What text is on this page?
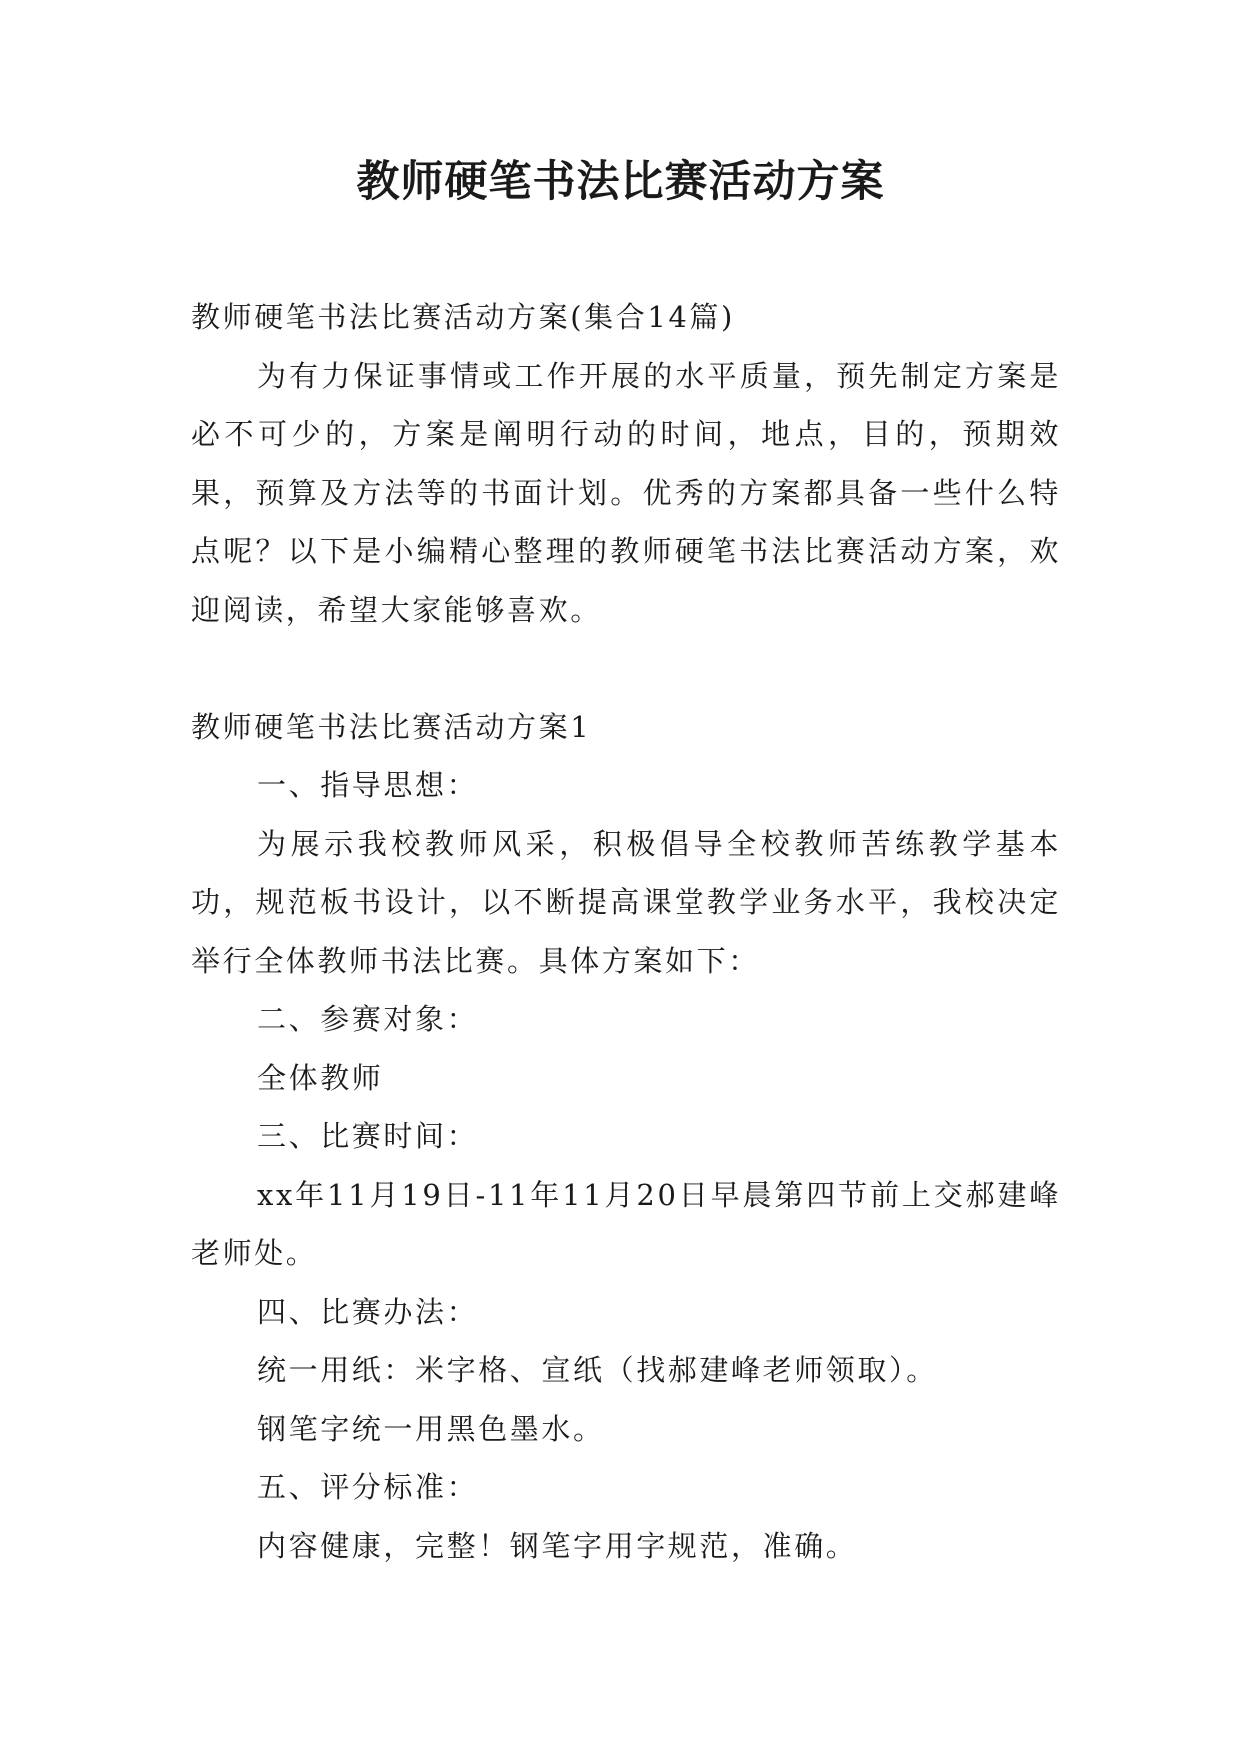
教师硬笔书法比赛活动方案

教师硬笔书法比赛活动方案(集合14篇)

为有力保证事情或工作开展的水平质量，预先制定方案是必不可少的，方案是阐明行动的时间，地点，目的，预期效果，预算及方法等的书面计划。优秀的方案都具备一些什么特点呢？以下是小编精心整理的教师硬笔书法比赛活动方案，欢迎阅读，希望大家能够喜欢。

教师硬笔书法比赛活动方案1

一、指导思想：

为展示我校教师风采，积极倡导全校教师苦练教学基本功，规范板书设计，以不断提高课堂教学业务水平，我校决定举行全体教师书法比赛。具体方案如下：

二、参赛对象：

全体教师

三、比赛时间：

xx年11月19日-11年11月20日早晨第四节前上交郝建峰老师处。

四、比赛办法：

统一用纸：米字格、宣纸（找郝建峰老师领取）。

钢笔字统一用黑色墨水。

五、评分标准：

内容健康，完整！钢笔字用字规范，准确。
